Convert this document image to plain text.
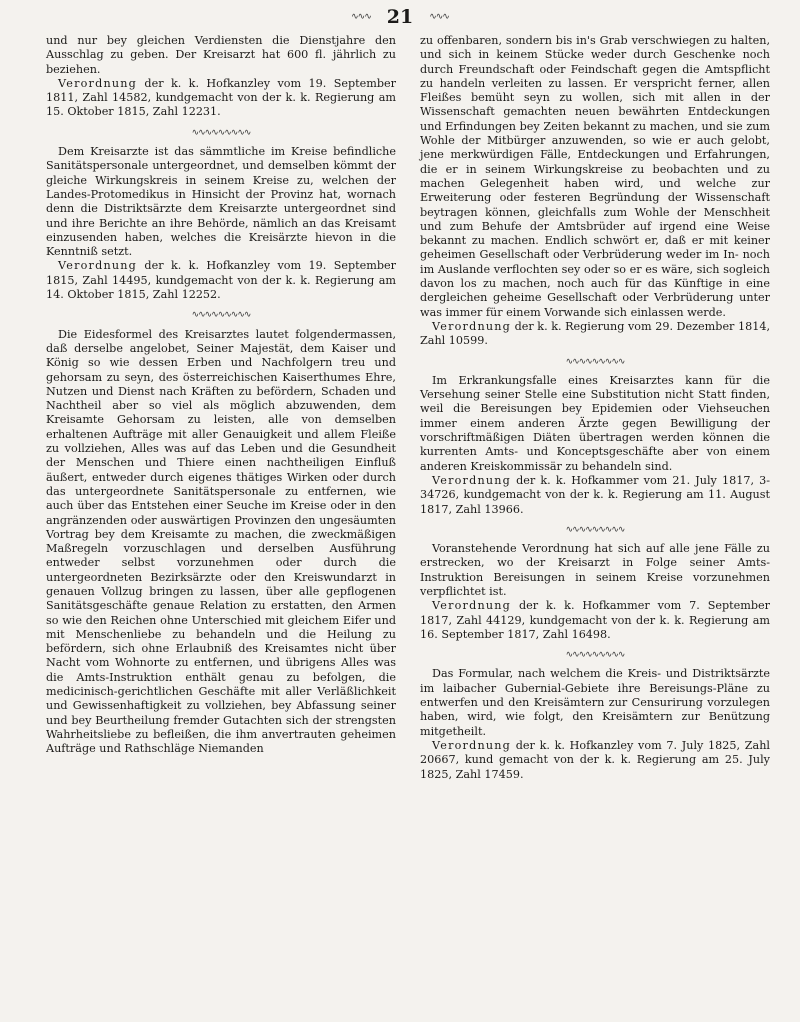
∿∿∿ 21 ∿∿∿

und nur bey gleichen Verdiensten die Dienstjahre den Ausschlag zu geben. Der Kreisarzt hat 600 fl. jährlich zu beziehen.

Verordnung der k. k. Hofkanzley vom 19. September 1811, Zahl 14582, kundgemacht von der k. k. Regierung am 15. Oktober 1815, Zahl 12231.

∿∿∿∿∿∿∿∿∿

Dem Kreisarzte ist das sämmtliche im Kreise befindliche Sanitätspersonale untergeordnet, und demselben kömmt der gleiche Wirkungskreis in seinem Kreise zu, welchen der Landes-Protomedikus in Hinsicht der Provinz hat, wornach denn die Distriktsärzte dem Kreisarzte untergeordnet sind und ihre Berichte an ihre Behörde, nämlich an das Kreisamt einzusenden haben, welches die Kreisärzte hievon in die Kenntniß setzt.

Verordnung der k. k. Hofkanzley vom 19. September 1815, Zahl 14495, kundgemacht von der k. k. Regierung am 14. Oktober 1815, Zahl 12252.

∿∿∿∿∿∿∿∿∿

Die Eidesformel des Kreisarztes lautet folgendermassen, daß derselbe angelobet, Seiner Majestät, dem Kaiser und König so wie dessen Erben und Nachfolgern treu und gehorsam zu seyn, des österreichischen Kaiserthumes Ehre, Nutzen und Dienst nach Kräften zu befördern, Schaden und Nachtheil aber so viel als möglich abzuwenden, dem Kreisamte Gehorsam zu leisten, alle von demselben erhaltenen Aufträge mit aller Genauigkeit und allem Fleiße zu vollziehen, Alles was auf das Leben und die Gesundheit der Menschen und Thiere einen nachtheiligen Einfluß äußert, entweder durch eigenes thätiges Wirken oder durch das untergeordnete Sanitätspersonale zu entfernen, wie auch über das Entstehen einer Seuche im Kreise oder in den angränzenden oder auswärtigen Provinzen den ungesäumten Vortrag bey dem Kreisamte zu machen, die zweckmäßigen Maßregeln vorzuschlagen und derselben Ausführung entweder selbst vorzunehmen oder durch die untergeordneten Bezirksärzte oder den Kreiswundarzt in genauen Vollzug bringen zu lassen, über alle gepflogenen Sanitätsgeschäfte genaue Relation zu erstatten, den Armen so wie den Reichen ohne Unterschied mit gleichem Eifer und mit Menschenliebe zu behandeln und die Heilung zu befördern, sich ohne Erlaubniß des Kreisamtes nicht über Nacht vom Wohnorte zu entfernen, und übrigens Alles was die Amts-Instruktion enthält genau zu befolgen, die medicinisch-gerichtlichen Geschäfte mit aller Verläßlichkeit und Gewissenhaftigkeit zu vollziehen, bey Abfassung seiner und bey Beurtheilung fremder Gutachten sich der strengsten Wahrheitsliebe zu befleißen, die ihm anvertrauten geheimen Aufträge und Rathschläge Niemanden

zu offenbaren, sondern bis in's Grab verschwiegen zu halten, und sich in keinem Stücke weder durch Geschenke noch durch Freundschaft oder Feindschaft gegen die Amtspflicht zu handeln verleiten zu lassen. Er verspricht ferner, allen Fleißes bemüht seyn zu wollen, sich mit allen in der Wissenschaft gemachten neuen bewährten Entdeckungen und Erfindungen bey Zeiten bekannt zu machen, und sie zum Wohle der Mitbürger anzuwenden, so wie er auch gelobt, jene merkwürdigen Fälle, Entdeckungen und Erfahrungen, die er in seinem Wirkungskreise zu beobachten und zu machen Gelegenheit haben wird, und welche zur Erweiterung oder festeren Begründung der Wissenschaft beytragen können, gleichfalls zum Wohle der Menschheit und zum Behufe der Amtsbrüder auf irgend eine Weise bekannt zu machen. Endlich schwört er, daß er mit keiner geheimen Gesellschaft oder Verbrüderung weder im In- noch im Auslande verflochten sey oder so er es wäre, sich sogleich davon los zu machen, noch auch für das Künftige in eine dergleichen geheime Gesellschaft oder Verbrüderung unter was immer für einem Vorwande sich einlassen werde.

Verordnung der k. k. Regierung vom 29. Dezember 1814, Zahl 10599.

∿∿∿∿∿∿∿∿∿

Im Erkrankungsfalle eines Kreisarztes kann für die Versehung seiner Stelle eine Substitution nicht Statt finden, weil die Bereisungen bey Epidemien oder Viehseuchen immer einem anderen Ärzte gegen Bewilligung der vorschriftmäßigen Diäten übertragen werden können die kurrenten Amts- und Konceptsgeschäfte aber von einem anderen Kreiskommissär zu behandeln sind.

Verordnung der k. k. Hofkammer vom 21. July 1817, 3-34726, kundgemacht von der k. k. Regierung am 11. August 1817, Zahl 13966.

∿∿∿∿∿∿∿∿∿

Voranstehende Verordnung hat sich auf alle jene Fälle zu erstrecken, wo der Kreisarzt in Folge seiner Amts-Instruktion Bereisungen in seinem Kreise vorzunehmen verpflichtet ist.

Verordnung der k. k. Hofkammer vom 7. September 1817, Zahl 44129, kundgemacht von der k. k. Regierung am 16. September 1817, Zahl 16498.

∿∿∿∿∿∿∿∿∿

Das Formular, nach welchem die Kreis- und Distriktsärzte im laibacher Gubernial-Gebiete ihre Bereisungs-Pläne zu entwerfen und den Kreisämtern zur Censurirung vorzulegen haben, wird, wie folgt, den Kreisämtern zur Benützung mitgetheilt.

Verordnung der k. k. Hofkanzley vom 7. July 1825, Zahl 20667, kund gemacht von der k. k. Regierung am 25. July 1825, Zahl 17459.
